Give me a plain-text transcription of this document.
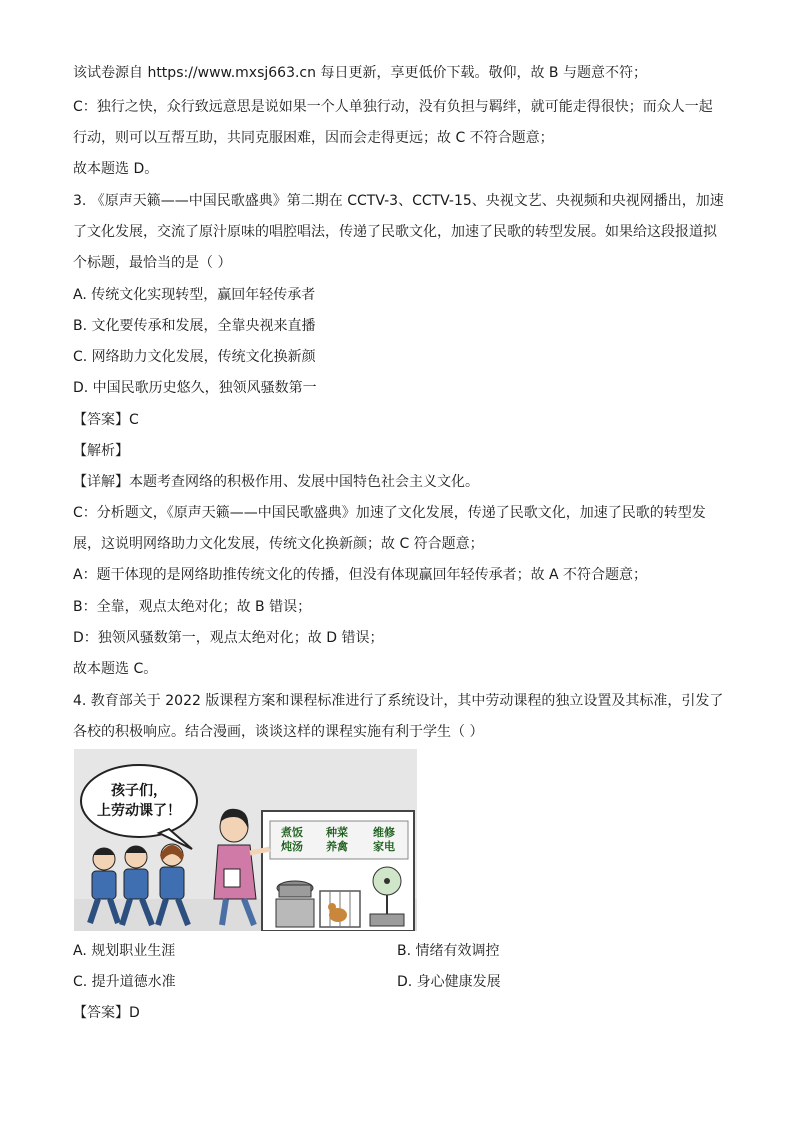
该试卷源自 https://www.mxsj663.cn 每日更新，享更低价下载。敬仰，故 B 与题意不符；
C：独行之快，众行致远意思是说如果一个人单独行动，没有负担与羁绊，就可能走得很快；而众人一起
行动，则可以互帮互助，共同克服困难，因而会走得更远；故 C 不符合题意；
故本题选 D。
3. 《原声天籁——中国民歌盛典》第二期在 CCTV-3、CCTV-15、央视文艺、央视频和央视网播出，加速
了文化发展，交流了原汁原味的唱腔唱法，传递了民歌文化，加速了民歌的转型发展。如果给这段报道拟
个标题，最恰当的是（ ）
A. 传统文化实现转型，赢回年轻传承者
B. 文化要传承和发展，全靠央视来直播
C. 网络助力文化发展，传统文化换新颜
D. 中国民歌历史悠久，独领风骚数第一
【答案】C
【解析】
【详解】本题考查网络的积极作用、发展中国特色社会主义文化。
C：分析题文，《原声天籁——中国民歌盛典》加速了文化发展，传递了民歌文化，加速了民歌的转型发
展，这说明网络助力文化发展，传统文化换新颜；故 C 符合题意；
A：题干体现的是网络助推传统文化的传播，但没有体现赢回年轻传承者；故 A 不符合题意；
B：全靠，观点太绝对化；故 B 错误；
D：独领风骚数第一，观点太绝对化；故 D 错误；
故本题选 C。
4. 教育部关于 2022 版课程方案和课程标准进行了系统设计，其中劳动课程的独立设置及其标准，引发了
各校的积极响应。结合漫画，谈谈这样的课程实施有利于学生（ ）
孩子们，
上劳动课了！
煮饭
炖汤
种菜
养禽
维修
家电
A. 规划职业生涯	B. 情绪有效调控
C. 提升道德水准	D. 身心健康发展
【答案】D
